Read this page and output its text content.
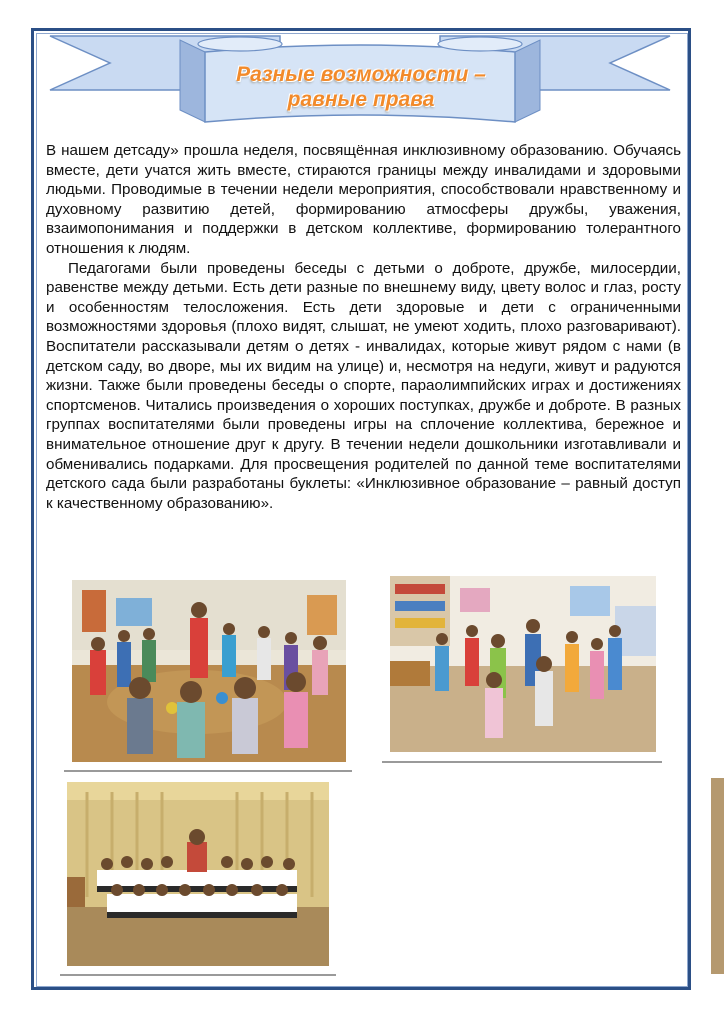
Разные возможности –
равные права

В нашем детсаду» прошла неделя, посвящённая инклюзивному образованию. Обучаясь вместе, дети учатся жить вместе, стираются границы между инвалидами и здоровыми людьми. Проводимые в течении недели мероприятия, способствовали нравственному и духовному развитию детей, формированию атмосферы дружбы, уважения, взаимопонимания и поддержки в детском коллективе, формированию толерантного отношения к людям.

Педагогами были проведены беседы с детьми о доброте, дружбе, милосердии, равенстве между детьми. Есть дети разные по внешнему виду, цвету волос и глаз, росту и особенностям телосложения. Есть дети здоровые и дети с ограниченными возможностями здоровья (плохо видят, слышат, не умеют ходить, плохо разговаривают). Воспитатели рассказывали детям о детях - инвалидах, которые живут рядом с нами (в детском саду, во дворе, мы их видим на улице) и, несмотря на недуги, живут и радуются жизни. Также были проведены беседы о спорте, параолимпийских играх и достижениях спортсменов. Читались произведения о хороших поступках, дружбе и доброте. В разных группах воспитателями были проведены игры на сплочение коллектива, бережное и внимательное отношение друг к другу. В течении недели дошкольники изготавливали и обменивались подарками. Для просвещения родителей по данной теме воспитателями детского сада были разработаны буклеты: «Инклюзивное образование – равный доступ к качественному образованию».
